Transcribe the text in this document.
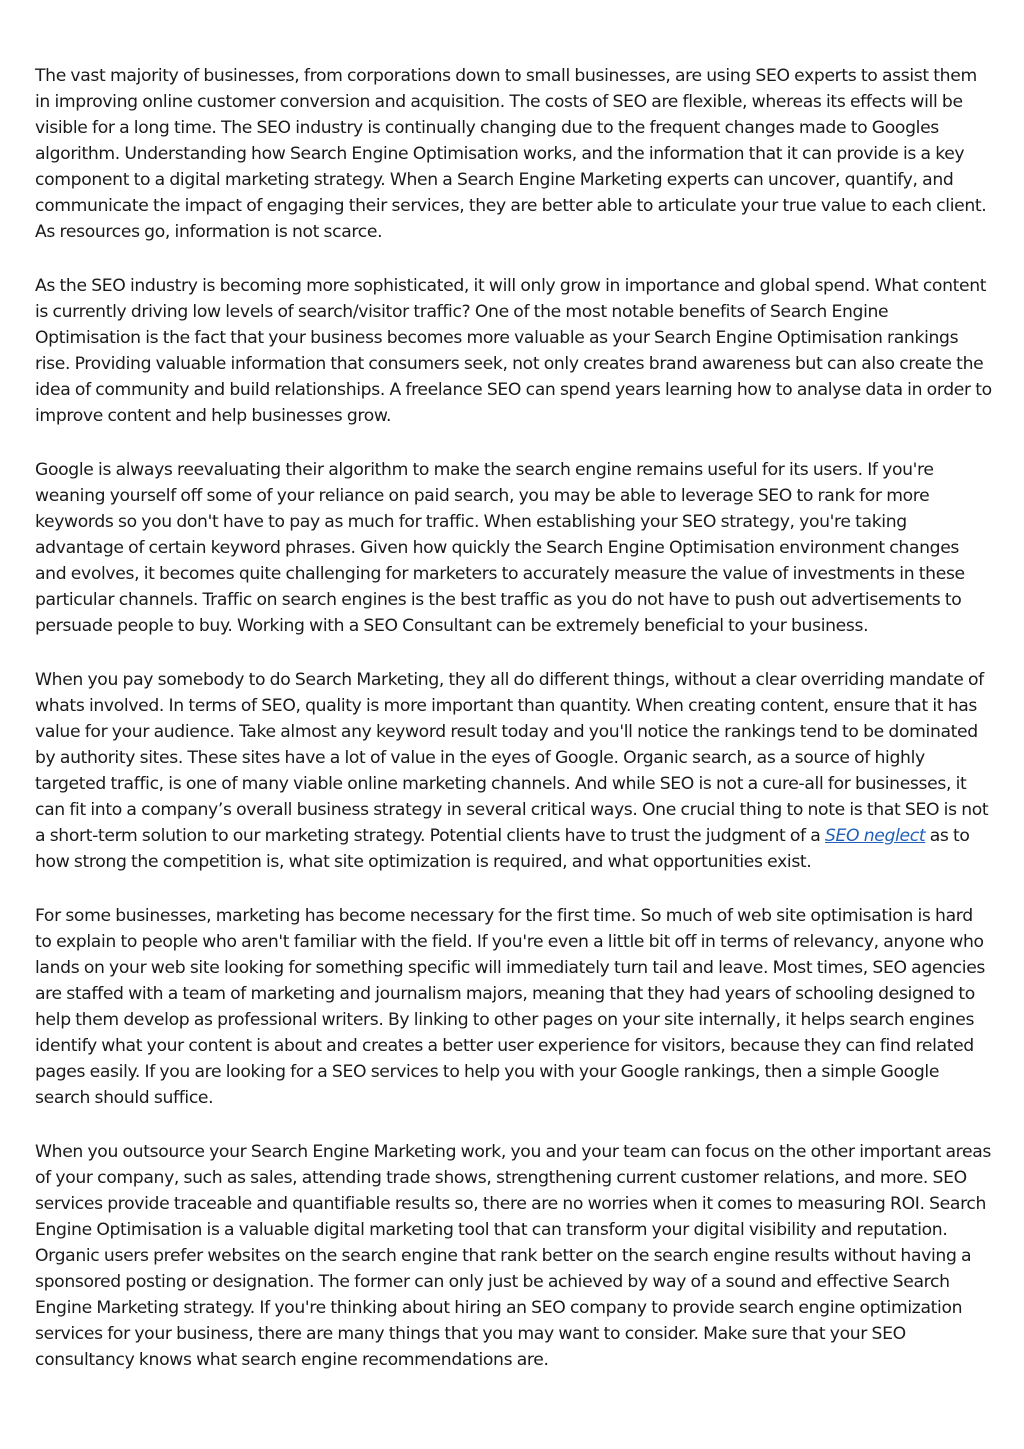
The vast majority of businesses, from corporations down to small businesses, are using SEO experts to assist them in improving online customer conversion and acquisition. The costs of SEO are flexible, whereas its effects will be visible for a long time. The SEO industry is continually changing due to the frequent changes made to Googles algorithm. Understanding how Search Engine Optimisation works, and the information that it can provide is a key component to a digital marketing strategy. When a Search Engine Marketing experts can uncover, quantify, and communicate the impact of engaging their services, they are better able to articulate your true value to each client. As resources go, information is not scarce.

As the SEO industry is becoming more sophisticated, it will only grow in importance and global spend. What content is currently driving low levels of search/visitor traffic? One of the most notable benefits of Search Engine Optimisation is the fact that your business becomes more valuable as your Search Engine Optimisation rankings rise. Providing valuable information that consumers seek, not only creates brand awareness but can also create the idea of community and build relationships. A freelance SEO can spend years learning how to analyse data in order to improve content and help businesses grow.

Google is always reevaluating their algorithm to make the search engine remains useful for its users. If you're weaning yourself off some of your reliance on paid search, you may be able to leverage SEO to rank for more keywords so you don't have to pay as much for traffic. When establishing your SEO strategy, you're taking advantage of certain keyword phrases. Given how quickly the Search Engine Optimisation environment changes and evolves, it becomes quite challenging for marketers to accurately measure the value of investments in these particular channels. Traffic on search engines is the best traffic as you do not have to push out advertisements to persuade people to buy. Working with a SEO Consultant can be extremely beneficial to your business.

When you pay somebody to do Search Marketing, they all do different things, without a clear overriding mandate of whats involved. In terms of SEO, quality is more important than quantity. When creating content, ensure that it has value for your audience. Take almost any keyword result today and you'll notice the rankings tend to be dominated by authority sites. These sites have a lot of value in the eyes of Google. Organic search, as a source of highly targeted traffic, is one of many viable online marketing channels. And while SEO is not a cure-all for businesses, it can fit into a company’s overall business strategy in several critical ways. One crucial thing to note is that SEO is not a short-term solution to our marketing strategy. Potential clients have to trust the judgment of a SEO neglect as to how strong the competition is, what site optimization is required, and what opportunities exist.

For some businesses, marketing has become necessary for the first time. So much of web site optimisation is hard to explain to people who aren't familiar with the field. If you're even a little bit off in terms of relevancy, anyone who lands on your web site looking for something specific will immediately turn tail and leave. Most times, SEO agencies are staffed with a team of marketing and journalism majors, meaning that they had years of schooling designed to help them develop as professional writers. By linking to other pages on your site internally, it helps search engines identify what your content is about and creates a better user experience for visitors, because they can find related pages easily. If you are looking for a SEO services to help you with your Google rankings, then a simple Google search should suffice.

When you outsource your Search Engine Marketing work, you and your team can focus on the other important areas of your company, such as sales, attending trade shows, strengthening current customer relations, and more. SEO services provide traceable and quantifiable results so, there are no worries when it comes to measuring ROI. Search Engine Optimisation is a valuable digital marketing tool that can transform your digital visibility and reputation. Organic users prefer websites on the search engine that rank better on the search engine results without having a sponsored posting or designation. The former can only just be achieved by way of a sound and effective Search Engine Marketing strategy. If you're thinking about hiring an SEO company to provide search engine optimization services for your business, there are many things that you may want to consider. Make sure that your SEO consultancy knows what search engine recommendations are.
